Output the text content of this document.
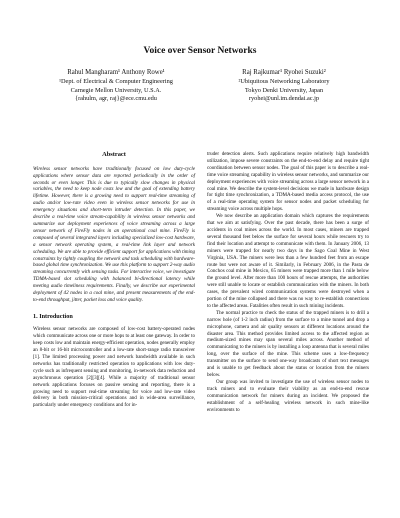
Voice over Sensor Networks
Rahul Mangharam¹ Anthony Rowe¹
¹Dept. of Electrical & Computer Engineering
Carnegie Mellon University, U.S.A.
{rahulm, agr, raj}@ece.cmu.edu
Raj Rajkumar¹ Ryohei Suzuki²
²Ubiquitous Networking Laboratory
Tokyo Denki University, Japan
ryohei@unl.im.dendai.ac.jp
Abstract

Wireless sensor networks have traditionally focused on low duty-cycle applications where sensor data are reported periodically in the order of seconds or even longer. This is due to typically slow changes in physical variables, the need to keep node costs low and the goal of extending battery lifetime. However, there is a growing need to support real-time streaming of audio and/or low-rate video even in wireless sensor networks for use in emergency situations and short-term intruder detection. In this paper, we describe a real-time voice stream-capability in wireless sensor networks and summarize our deployment experiences of voice streaming across a large sensor network of FireFly nodes in an operational coal mine. FireFly is composed of several integrated layers including specialized low-cost hardware, a sensor network operating system, a real-time link layer and network scheduling. We are able to provide efficient support for applications with timing constraints by tightly coupling the network and task scheduling with hardware-based global time synchronization. We use this platform to support 2-way audio streaming concurrently with sensing tasks. For interactive voice, we investigate TDMA-based slot scheduling with balanced bi-directional latency while meeting audio timeliness requirements. Finally, we describe our experimental deployment of 42 nodes in a coal mine, and present measurements of the end-to-end throughput, jitter, packet loss and voice quality.

1. Introduction

Wireless sensor networks are composed of low-cost battery-operated nodes which communicate across one or more hops to at least one gateway. In order to keep costs low and maintain energy-efficient operation, nodes generally employ an 8-bit or 16-bit microcontroller and a low-rate short-range radio transceiver [1]. The limited processing power and network bandwidth available in such networks has traditionally restricted operation to applications with low duty-cycle such as infrequent sensing and monitoring, in-network data reduction and asynchronous operation [2][3][4]. While a majority of traditional sensor network applications focuses on passive sensing and reporting, there is a growing need to support real-time streaming for voice and low-rate video delivery in both mission-critical operations and in wide-area surveillance, particularly under emergency conditions and for in-

truder detection alerts. Such applications require relatively high bandwidth utilization, impose severe constraints on the end-to-end delay and require tight coordination between sensor nodes. The goal of this paper is to describe a real-time voice streaming capability in wireless sensor networks, and summarize our deployment experiences with voice streaming across a large sensor network in a coal mine. We describe the system-level decisions we made in hardware design for tight time synchronization, a TDMA-based media access protocol, the use of a real-time operating system for sensor nodes and packet scheduling for streaming voice across multiple hops.

We now describe an application domain which captures the requirements that we aim at satisfying. Over the past decade, there has been a surge of accidents in coal mines across the world. In most cases, miners are trapped several thousand feet below the surface for several hours while rescuers try to find their location and attempt to communicate with them. In January 2006, 13 miners were trapped for nearly two days in the Sago Coal Mine in West Virginia, USA. The miners were less than a few hundred feet from an escape route but were not aware of it. Similarly, in February 2006, in the Pasta de Conchos coal mine in Mexico, 65 miners were trapped more than 1 mile below the ground level. After more than 100 hours of rescue attempts, the authorities were still unable to locate or establish communication with the miners. In both cases, the prevalent wired communication systems were destroyed when a portion of the mine collapsed and there was no way to re-establish connections to the affected areas. Fatalities often result in such mining incidents.

The normal practice to check the status of the trapped miners is to drill a narrow hole (of 1-2 inch radius) from the surface to a mine tunnel and drop a microphone, camera and air quality sensors at different locations around the disaster area. This method provides limited access to the affected region as medium-sized mines may span several miles across. Another method of communicating to the miners is by installing a loop antenna that is several miles long, over the surface of the mine. This scheme uses a low-frequency transmitter on the surface to send one-way broadcasts of short text messages and is unable to get feedback about the status or location from the miners below.

Our group was invited to investigate the use of wireless sensor nodes to track miners and to evaluate their viability as an end-to-end rescue communication network for miners during an incident. We proposed the establishment of a self-healing wireless network in such mine-like environments to
